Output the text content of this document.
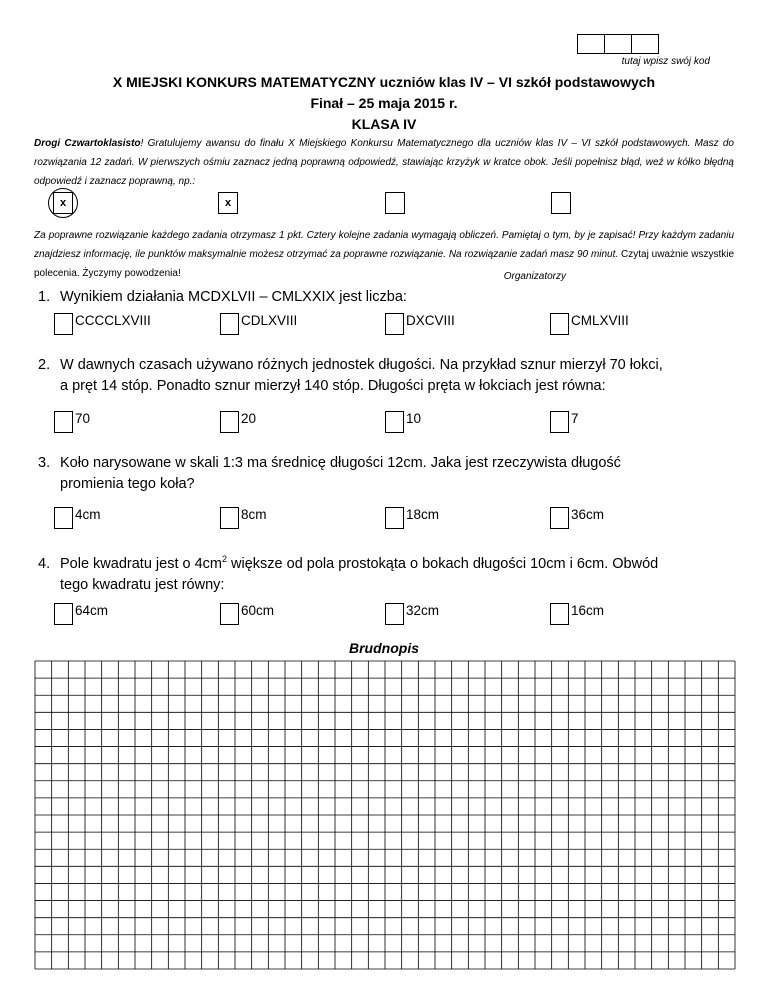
tutaj wpisz swój kod
X MIEJSKI KONKURS MATEMATYCZNY uczniów klas IV – VI szkół podstawowych
Finał – 25 maja 2015 r.
KLASA IV
Drogi Czwartoklasisto! Gratulujemy awansu do finału X Miejskiego Konkursu Matematycznego dla uczniów klas IV – VI szkół podstawowych. Masz do rozwiązania 12 zadań. W pierwszych ośmiu zaznacz jedną poprawną odpowiedź, stawiając krzyżyk w kratce obok. Jeśli popełnisz błąd, weź w kółko błędną odpowiedź i zaznacz poprawną, np.:
x	x
Za poprawne rozwiązanie każdego zadania otrzymasz 1 pkt. Cztery kolejne zadania wymagają obliczeń. Pamiętaj o tym, by je zapisać! Przy każdym zadaniu znajdziesz informację, ile punktów maksymalnie możesz otrzymać za poprawne rozwiązanie. Na rozwiązanie zadań masz 90 minut. Czytaj uważnie wszystkie polecenia. Życzymy powodzenia!	Organizatorzy
1. Wynikiem działania MCDXLVII – CMLXXIX jest liczba:
CCCCLXVIII	CDLXVIII	DXCVIII	CMLXVIII
2. W dawnych czasach używano różnych jednostek długości. Na przykład sznur mierzył 70 łokci,
a pręt 14 stóp. Ponadto sznur mierzył 140 stóp. Długości pręta w łokciach jest równa:
70	20	10	7
3. Koło narysowane w skali 1:3 ma średnicę długości 12cm. Jaka jest rzeczywista długość
promienia tego koła?
4cm	8cm	18cm	36cm
4. Pole kwadratu jest o $4cm^2$ większe od pola prostokąta o bokach długości 10cm i 6cm. Obwód
tego kwadratu jest równy:
64cm	60cm	32cm	16cm
Brudnopis
